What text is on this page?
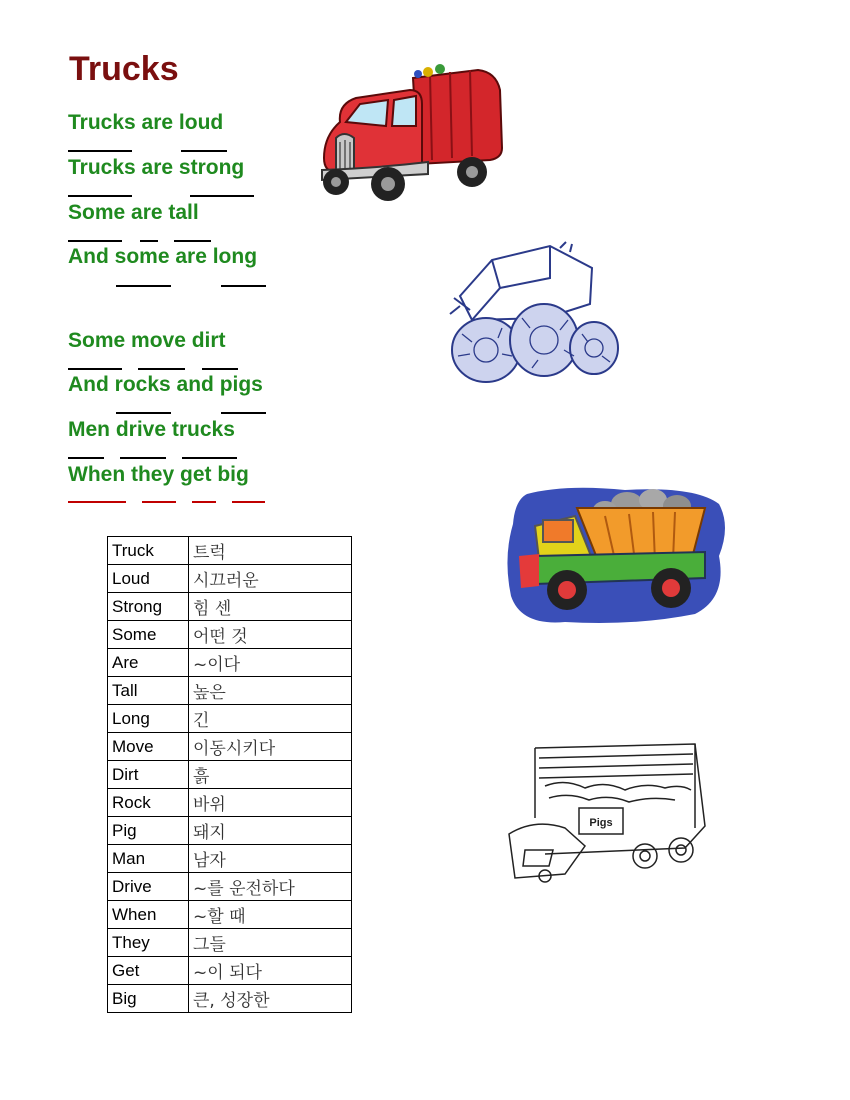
Trucks
Trucks are loud
Trucks are strong
Some are tall
And some are long
Some move dirt
And rocks and pigs
Men drive trucks
When they get big
Truck	트럭
Loud	시끄러운
Strong	힘 센
Some	어떤 것
Are	~이다
Tall	높은
Long	긴
Move	이동시키다
Dirt	흙
Rock	바위
Pig	돼지
Man	남자
Drive	~를 운전하다
When	~할 때
They	그들
Get	~이 되다
Big	큰, 성장한
Pigs
